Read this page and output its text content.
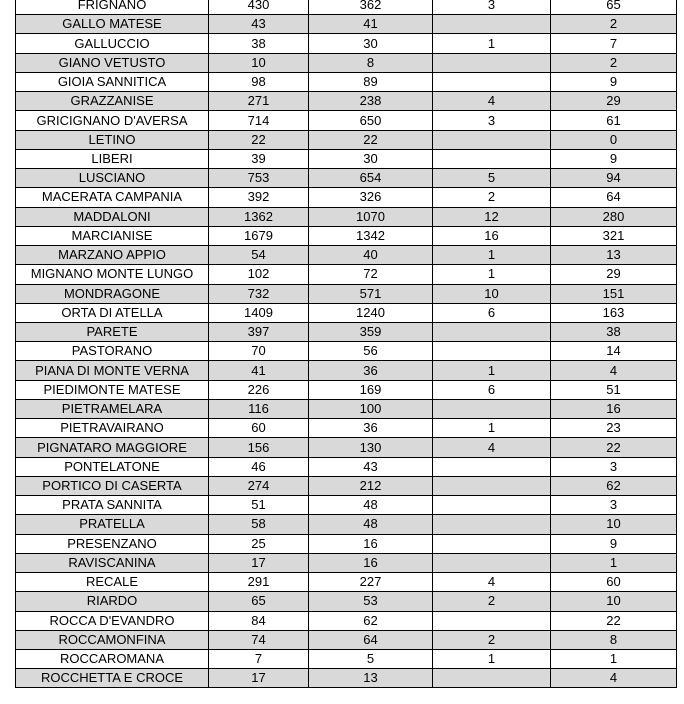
FRIGNANO	430	362	3	65
GALLO MATESE	43	41		2
GALLUCCIO	38	30	1	7
GIANO VETUSTO	10	8		2
GIOIA SANNITICA	98	89		9
GRAZZANISE	271	238	4	29
GRICIGNANO D'AVERSA	714	650	3	61
LETINO	22	22		0
LIBERI	39	30		9
LUSCIANO	753	654	5	94
MACERATA CAMPANIA	392	326	2	64
MADDALONI	1362	1070	12	280
MARCIANISE	1679	1342	16	321
MARZANO APPIO	54	40	1	13
MIGNANO MONTE LUNGO	102	72	1	29
MONDRAGONE	732	571	10	151
ORTA DI ATELLA	1409	1240	6	163
PARETE	397	359		38
PASTORANO	70	56		14
PIANA DI MONTE VERNA	41	36	1	4
PIEDIMONTE MATESE	226	169	6	51
PIETRAMELARA	116	100		16
PIETRAVAIRANO	60	36	1	23
PIGNATARO MAGGIORE	156	130	4	22
PONTELATONE	46	43		3
PORTICO DI CASERTA	274	212		62
PRATA SANNITA	51	48		3
PRATELLA	58	48		10
PRESENZANO	25	16		9
RAVISCANINA	17	16		1
RECALE	291	227	4	60
RIARDO	65	53	2	10
ROCCA D'EVANDRO	84	62		22
ROCCAMONFINA	74	64	2	8
ROCCAROMANA	7	5	1	1
ROCCHETTA E CROCE	17	13		4
